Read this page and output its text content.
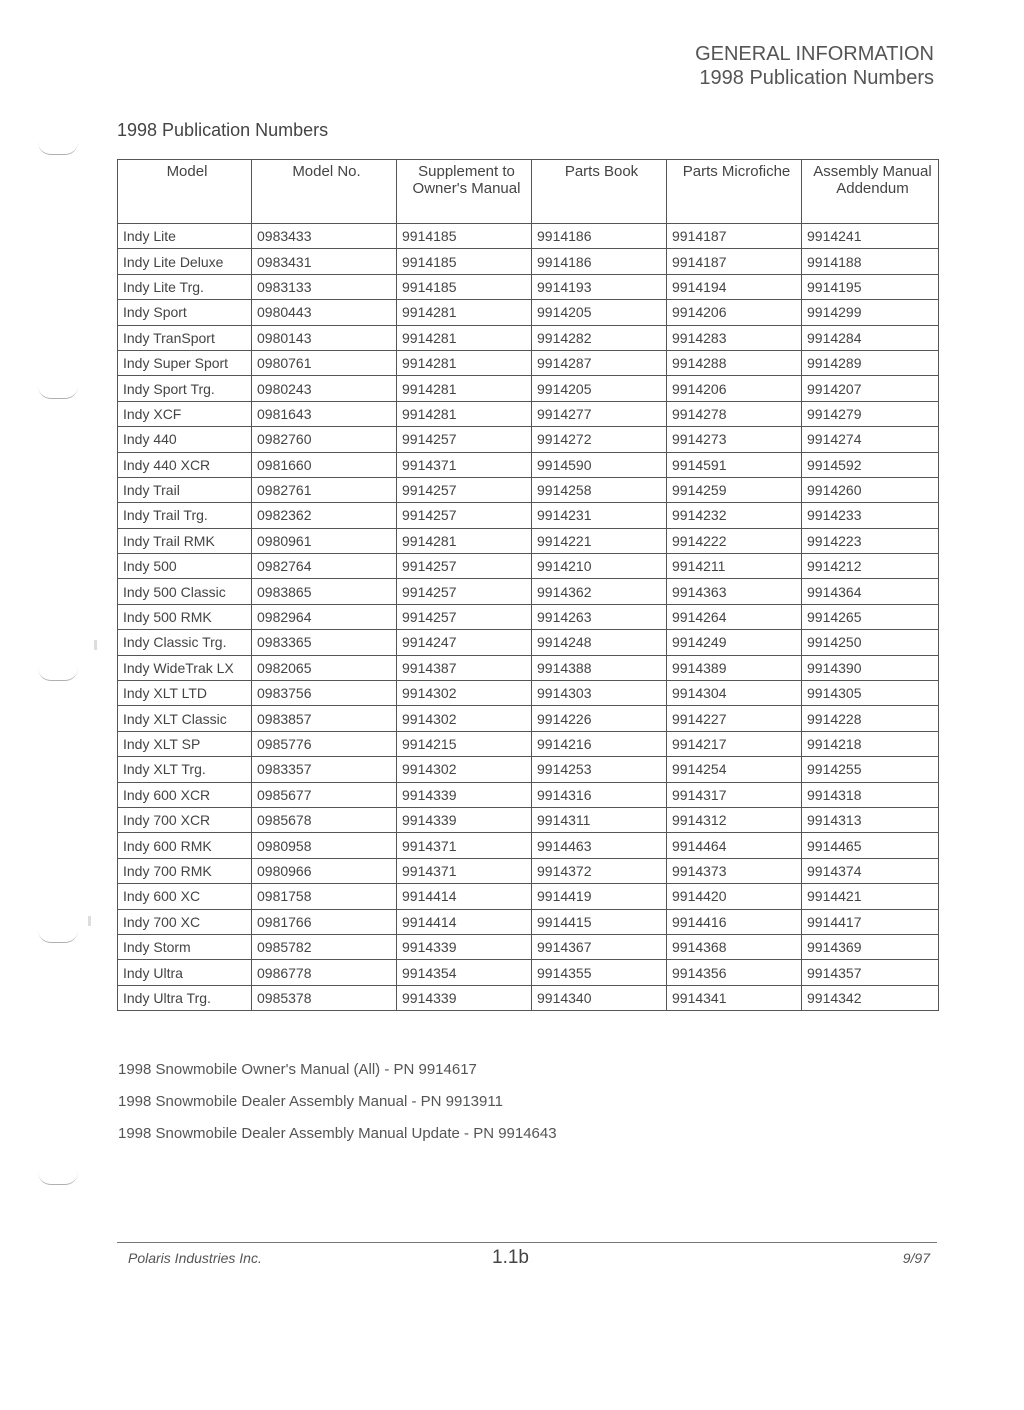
GENERAL INFORMATION
1998 Publication Numbers
1998 Publication Numbers
Model	Model No.	Supplement to Owner's Manual	Parts Book	Parts Microfiche	Assembly Manual Addendum
Indy Lite	0983433	9914185	9914186	9914187	9914241
Indy Lite Deluxe	0983431	9914185	9914186	9914187	9914188
Indy Lite Trg.	0983133	9914185	9914193	9914194	9914195
Indy Sport	0980443	9914281	9914205	9914206	9914299
Indy TranSport	0980143	9914281	9914282	9914283	9914284
Indy Super Sport	0980761	9914281	9914287	9914288	9914289
Indy Sport Trg.	0980243	9914281	9914205	9914206	9914207
Indy XCF	0981643	9914281	9914277	9914278	9914279
Indy 440	0982760	9914257	9914272	9914273	9914274
Indy 440 XCR	0981660	9914371	9914590	9914591	9914592
Indy Trail	0982761	9914257	9914258	9914259	9914260
Indy Trail Trg.	0982362	9914257	9914231	9914232	9914233
Indy Trail RMK	0980961	9914281	9914221	9914222	9914223
Indy 500	0982764	9914257	9914210	9914211	9914212
Indy 500 Classic	0983865	9914257	9914362	9914363	9914364
Indy 500 RMK	0982964	9914257	9914263	9914264	9914265
Indy Classic Trg.	0983365	9914247	9914248	9914249	9914250
Indy WideTrak LX	0982065	9914387	9914388	9914389	9914390
Indy XLT LTD	0983756	9914302	9914303	9914304	9914305
Indy XLT Classic	0983857	9914302	9914226	9914227	9914228
Indy XLT SP	0985776	9914215	9914216	9914217	9914218
Indy XLT Trg.	0983357	9914302	9914253	9914254	9914255
Indy 600 XCR	0985677	9914339	9914316	9914317	9914318
Indy 700 XCR	0985678	9914339	9914311	9914312	9914313
Indy 600 RMK	0980958	9914371	9914463	9914464	9914465
Indy 700 RMK	0980966	9914371	9914372	9914373	9914374
Indy 600 XC	0981758	9914414	9914419	9914420	9914421
Indy 700 XC	0981766	9914414	9914415	9914416	9914417
Indy Storm	0985782	9914339	9914367	9914368	9914369
Indy Ultra	0986778	9914354	9914355	9914356	9914357
Indy Ultra Trg.	0985378	9914339	9914340	9914341	9914342
1998 Snowmobile Owner's Manual (All) - PN 9914617
1998 Snowmobile Dealer Assembly Manual - PN 9913911
1998 Snowmobile Dealer Assembly Manual Update - PN 9914643
Polaris Industries Inc.	1.1b	9/97
